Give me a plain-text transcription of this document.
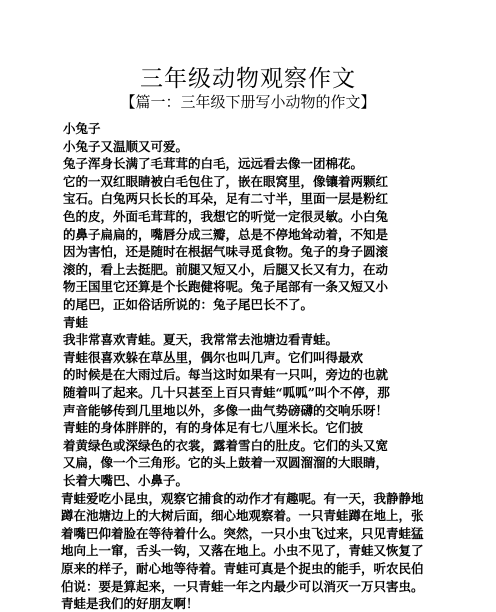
三年级动物观察作文
【篇一：三年级下册写小动物的作文】
小兔子
小兔子又温顺又可爱。
兔子浑身长满了毛茸茸的白毛，远远看去像一团棉花。
它的一双红眼睛被白毛包住了，嵌在眼窝里，像镶着两颗红
宝石。白兔两只长长的耳朵，足有二寸半，里面一层是粉红
色的皮，外面毛茸茸的，我想它的听觉一定很灵敏。小白兔
的鼻子扁扁的，嘴唇分成三瓣，总是不停地耸动着，不知是
因为害怕，还是随时在根据气味寻觅食物。兔子的身子圆滚
滚的，看上去挺肥。前腿又短又小，后腿又长又有力，在动
物王国里它还算是个长跑健将呢。兔子尾部有一条又短又小
的尾巴，正如俗话所说的：兔子尾巴长不了。
青蛙
我非常喜欢青蛙。夏天，我常常去池塘边看青蛙。
青蛙很喜欢躲在草丛里，偶尔也叫几声。它们叫得最欢
的时候是在大雨过后。每当这时如果有一只叫，旁边的也就
随着叫了起来。几十只甚至上百只青蛙“呱呱”叫个不停，那
声音能够传到几里地以外，多像一曲气势磅礴的交响乐呀！
青蛙的身体胖胖的，有的身体足有七八厘米长。它们披
着黄绿色或深绿色的衣裳，露着雪白的肚皮。它们的头又宽
又扁，像一个三角形。它的头上鼓着一双圆溜溜的大眼睛，
长着大嘴巴、小鼻子。
青蛙爱吃小昆虫，观察它捕食的动作才有趣呢。有一天，我静静地
蹲在池塘边上的大树后面，细心地观察着。一只青蛙蹲在地上，张
着嘴巴仰着脸在等待着什么。突然，一只小虫飞过来，只见青蛙猛
地向上一窜，舌头一钩，又落在地上。小虫不见了，青蛙又恢复了
原来的样子，耐心地等待着。青蛙可真是个捉虫的能手，听农民伯
伯说：要是算起来，一只青蛙一年之内最少可以消灭一万只害虫。
青蛙是我们的好朋友啊！
